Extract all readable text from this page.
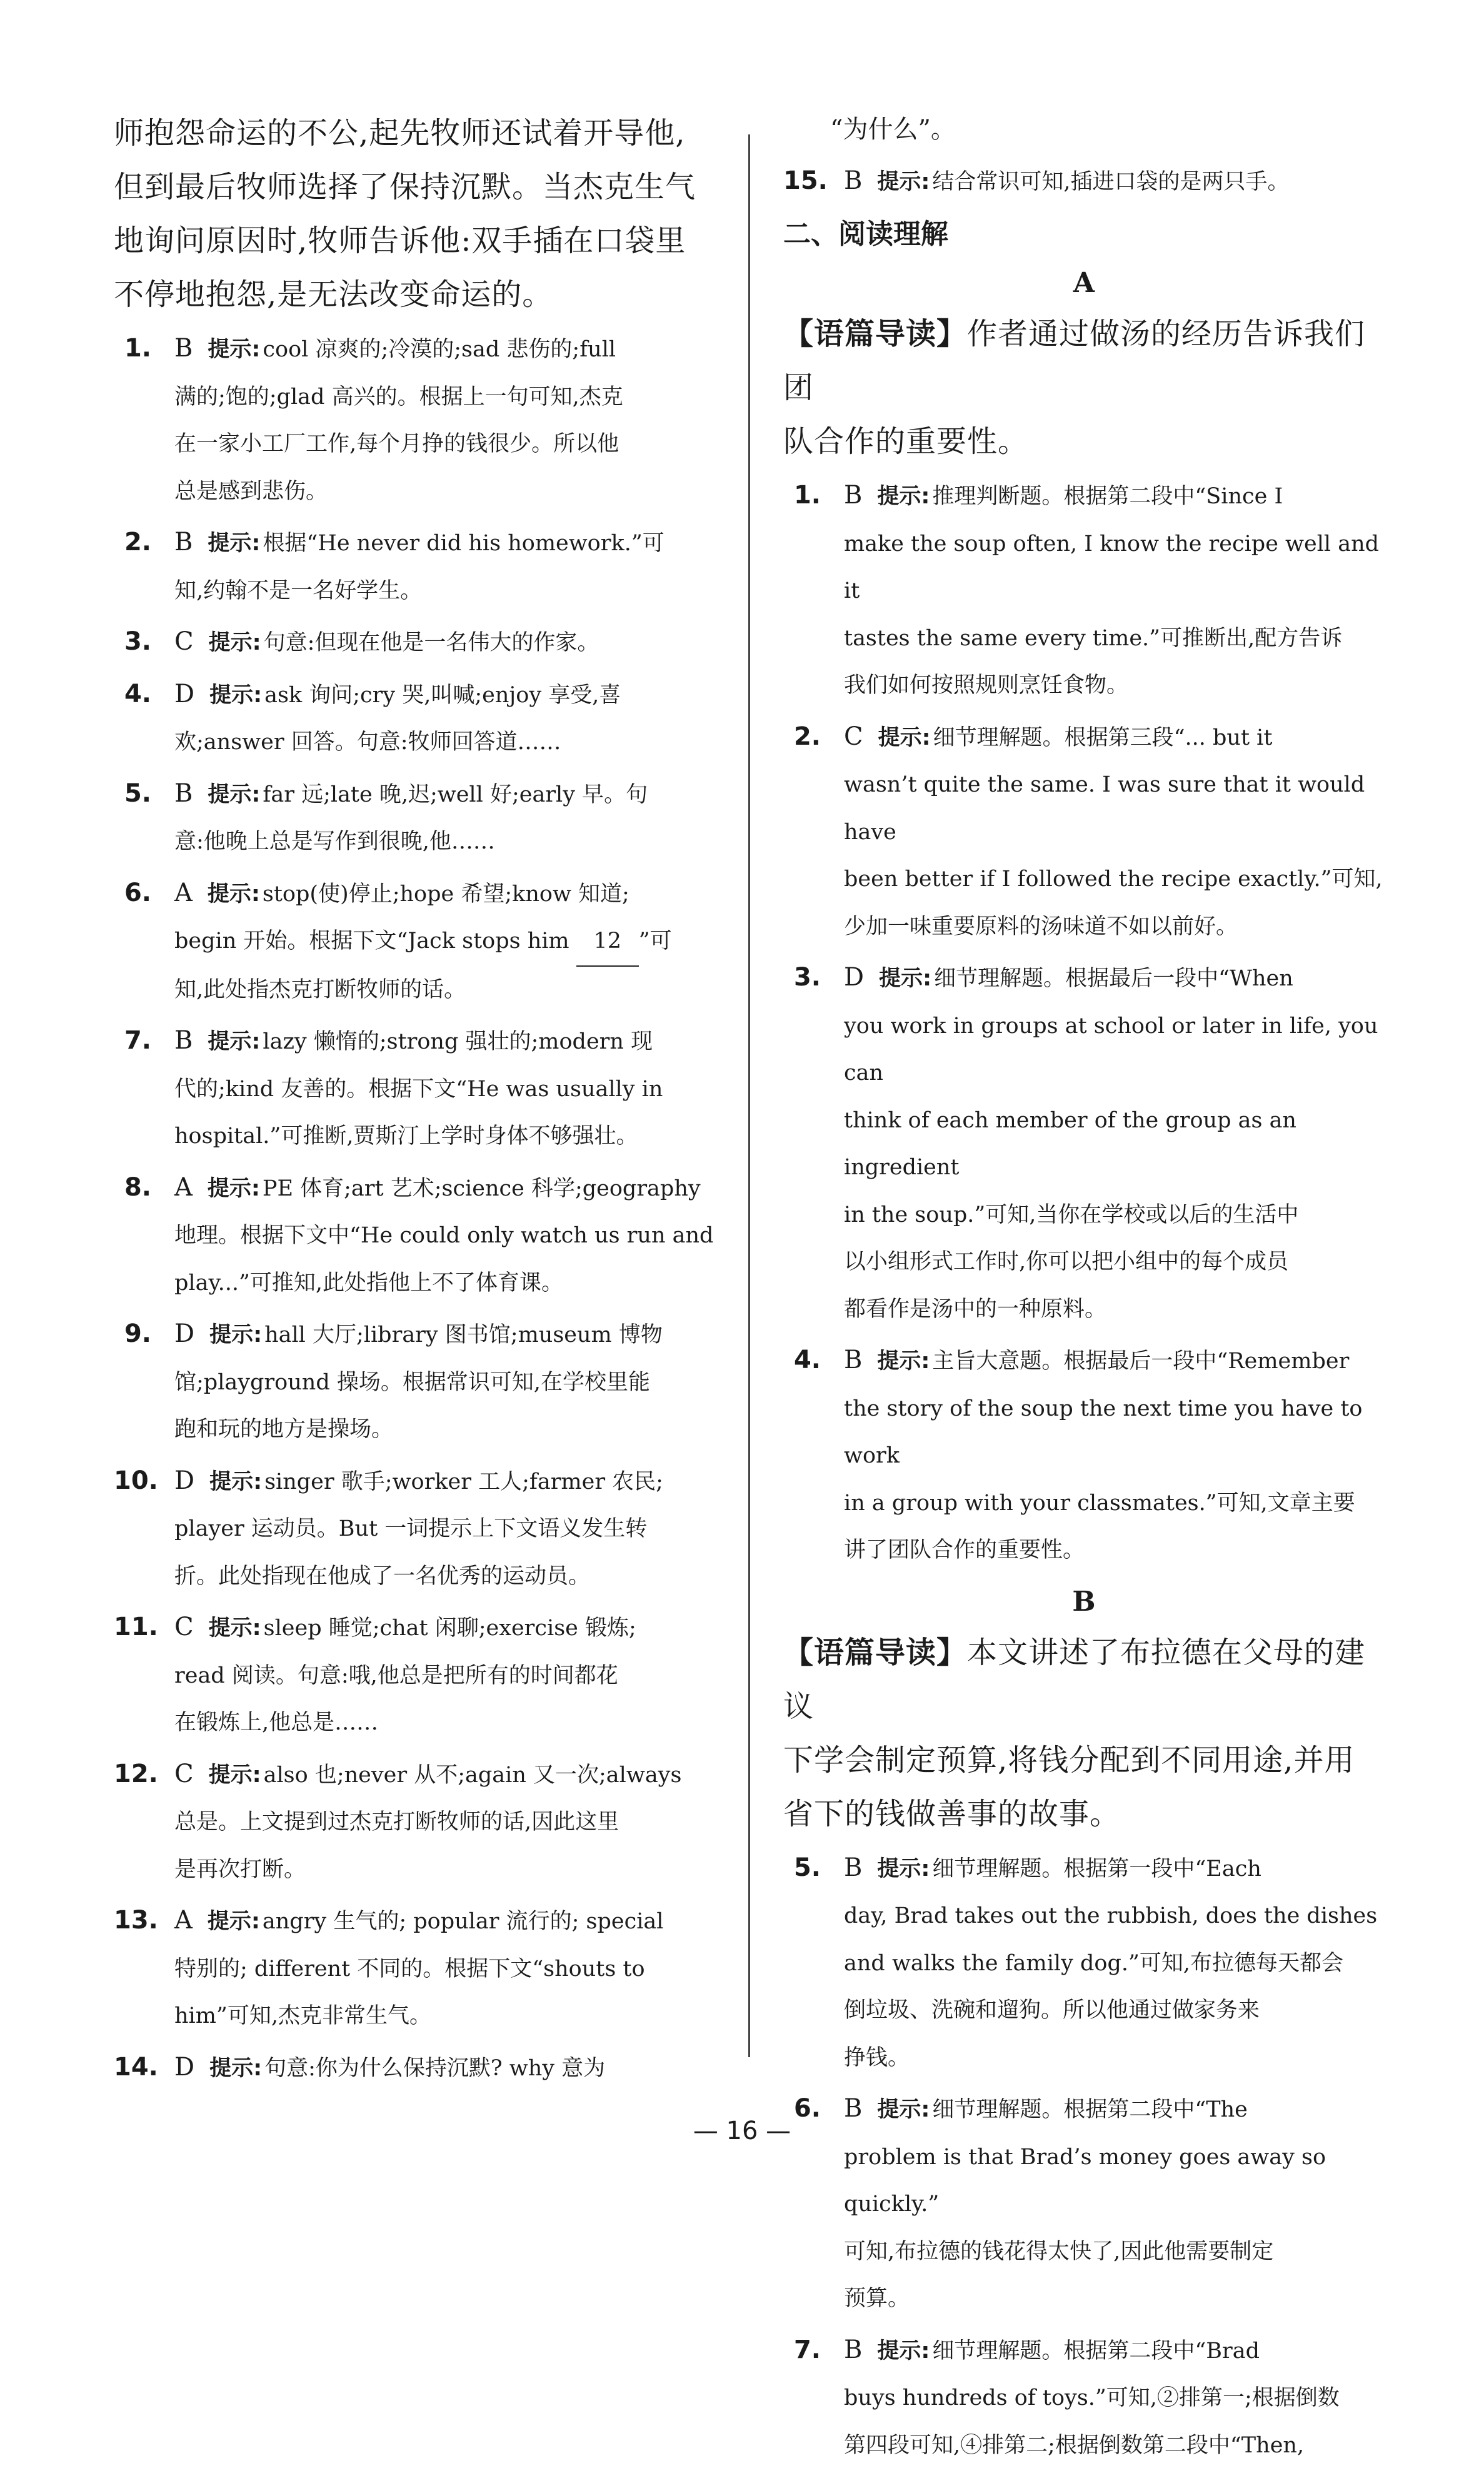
师抱怨命运的不公,起先牧师还试着开导他,

但到最后牧师选择了保持沉默。当杰克生气

地询问原因时,牧师告诉他:双手插在口袋里

不停地抱怨,是无法改变命运的。

1. B 提示: cool 凉爽的;冷漠的;sad 悲伤的;full
满的;饱的;glad 高兴的。根据上一句可知,杰克
在一家小工厂工作,每个月挣的钱很少。所以他
总是感到悲伤。
2. B 提示: 根据“He never did his homework.”可
知,约翰不是一名好学生。
3. C 提示: 句意:但现在他是一名伟大的作家。
4. D 提示: ask 询问;cry 哭,叫喊;enjoy 享受,喜
欢;answer 回答。句意:牧师回答道……
5. B 提示: far 远;late 晚,迟;well 好;early 早。句
意:他晚上总是写作到很晚,他……
6. A 提示: stop(使)停止;hope 希望;know 知道;
begin 开始。根据下文“Jack stops him 12 ”可
知,此处指杰克打断牧师的话。
7. B 提示: lazy 懒惰的;strong 强壮的;modern 现
代的;kind 友善的。根据下文“He was usually in
hospital.”可推断,贾斯汀上学时身体不够强壮。
8. A 提示: PE 体育;art 艺术;science 科学;geography
地理。根据下文中“He could only watch us run and
play...”可推知,此处指他上不了体育课。
9. D 提示: hall 大厅;library 图书馆;museum 博物
馆;playground 操场。根据常识可知,在学校里能
跑和玩的地方是操场。
10. D 提示: singer 歌手;worker 工人;farmer 农民;
player 运动员。But 一词提示上下文语义发生转
折。此处指现在他成了一名优秀的运动员。
11. C 提示: sleep 睡觉;chat 闲聊;exercise 锻炼;
read 阅读。句意:哦,他总是把所有的时间都花
在锻炼上,他总是……
12. C 提示: also 也;never 从不;again 又一次;always
总是。上文提到过杰克打断牧师的话,因此这里
是再次打断。
13. A 提示: angry 生气的; popular 流行的; special
特别的; different 不同的。根据下文“shouts to
him”可知,杰克非常生气。
14. D 提示: 句意:你为什么保持沉默? why 意为
“为什么”。
15. B 提示: 结合常识可知,插进口袋的是两只手。
二、阅读理解
A

【语篇导读】作者通过做汤的经历告诉我们团

队合作的重要性。

1. B 提示: 推理判断题。根据第二段中“Since I
make the soup often, I know the recipe well and it
tastes the same every time.”可推断出,配方告诉
我们如何按照规则烹饪食物。
2. C 提示: 细节理解题。根据第三段“... but it
wasn’t quite the same. I was sure that it would have
been better if I followed the recipe exactly.”可知,
少加一味重要原料的汤味道不如以前好。
3. D 提示: 细节理解题。根据最后一段中“When
you work in groups at school or later in life, you can
think of each member of the group as an ingredient
in the soup.”可知,当你在学校或以后的生活中
以小组形式工作时,你可以把小组中的每个成员
都看作是汤中的一种原料。
4. B 提示: 主旨大意题。根据最后一段中“Remember
the story of the soup the next time you have to work
in a group with your classmates.”可知,文章主要
讲了团队合作的重要性。
B

【语篇导读】本文讲述了布拉德在父母的建议

下学会制定预算,将钱分配到不同用途,并用

省下的钱做善事的故事。

5. B 提示: 细节理解题。根据第一段中“Each
day, Brad takes out the rubbish, does the dishes
and walks the family dog.”可知,布拉德每天都会
倒垃圾、洗碗和遛狗。所以他通过做家务来
挣钱。
6. B 提示: 细节理解题。根据第二段中“The
problem is that Brad’s money goes away so quickly.”
可知,布拉德的钱花得太快了,因此他需要制定
预算。
7. B 提示: 细节理解题。根据第二段中“Brad
buys hundreds of toys.”可知,②排第一;根据倒数
第四段可知,④排第二;根据倒数第二段中“Then,
— 16 —
